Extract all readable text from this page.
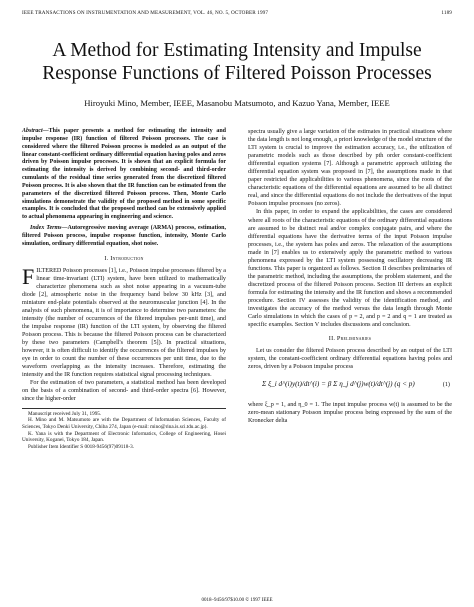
IEEE TRANSACTIONS ON INSTRUMENTATION AND MEASUREMENT, VOL. 46, NO. 5, OCTOBER 1997	1189
A Method for Estimating Intensity and Impulse
Response Functions of Filtered Poisson Processes
Hiroyuki Mino, Member, IEEE, Masanobu Matsumoto, and Kazuo Yana, Member, IEEE

Abstract—This paper presents a method for estimating the intensity and impulse response (IR) function of filtered Poisson processes. The case is considered where the filtered Poisson process is modeled as an output of the linear constant-coefficient ordinary differential equation having poles and zeros driven by Poisson impulse processes. It is shown that an explicit formula for estimating the intensity is derived by combining second- and third-order cumulants of the residual time series generated from the discretized filtered Poisson process. It is also shown that the IR function can be estimated from the parameters of the discretized filtered Poisson process. Then, Monte Carlo simulations demonstrate the validity of the proposed method in some specific examples. It is concluded that the proposed method can be extensively applied to actual phenomena appearing in engineering and science.

Index Terms—Autoregressive moving average (ARMA) process, estimation, filtered Poisson process, impulse response function, intensity, Monte Carlo simulation, ordinary differential equation, shot noise.

I. Introduction

FILTERED Poisson processes [1], i.e., Poisson impulse processes filtered by a linear time-invariant (LTI) system, have been utilized to mathematically characterize phenomena such as shot noise appearing in a vacuum-tube diode [2], atmospheric noise in the frequency band below 30 kHz [3], and miniature end-plate potentials observed at the neuromuscular junction [4]. In the analysis of such phenomena, it is of importance to determine two parameters: the intensity (the number of occurrences of the filtered impulses per-unit time), and the impulse response (IR) function of the LTI system, by observing the filtered Poisson process. This is because the filtered Poisson process can be characterized by these two parameters (Campbell's theorem [5]). In practical situations, however, it is often difficult to identify the occurrences of the filtered impulses by eye in order to count the number of these occurrences per unit time, due to the waveform overlapping as the intensity increases. Therefore, estimating the intensity and the IR function requires statistical signal processing techniques.

For the estimation of two parameters, a statistical method has been developed on the basis of a combination of second- and third-order spectra [6]. However, since the higher-order

Manuscript received July 31, 1995.

H. Mino and M. Matsumoto are with the Department of Information Sciences, Faculty of Sciences, Tokyo Denki University, Chiba 274, Japan (e-mail: mino@rina.is.sci.tdu.ac.jp).

K. Yana is with the Department of Electronic Informatics, College of Engineering, Hosei University, Koganei, Tokyo 184, Japan.

Publisher Item Identifier S 0018-9456(97)09118-3.

spectra usually give a large variation of the estimates in practical situations where the data length is not long enough, a priori knowledge of the model structure of the LTI system is crucial to improve the estimation accuracy, i.e., the utilization of parametric models such as those described by pth order constant-coefficient differential equation systems [7]. Although a parametric approach utilizing the differential equation system was proposed in [7], the assumptions made in that paper restricted the applicabilities to various phenomena, since the roots of the characteristic equations of the differential equations are assumed to be all distinct real, and since the differential equations do not include the derivatives of the input Poisson impulse processes (no zeros).

In this paper, in order to expand the applicabilities, the cases are considered where all roots of the characteristic equations of the ordinary differential equations are assumed to be distinct real and/or complex conjugate pairs, and where the differential equations have the derivative terms of the input Poisson impulse processes, i.e., the system has poles and zeros. The relaxation of the assumptions made in [7] enables us to extensively apply the parametric method to various phenomena expressed by the LTI system possessing oscillatory decreasing IR functions. This paper is organized as follows. Section II describes preliminaries of the parametric method, including the assumptions, the problem statement, and the discretized process of the filtered Poisson process. Section III derives an explicit formula for estimating the intensity and the IR function and shows a recommended procedure. Section IV assesses the validity of the identification method, and investigates the accuracy of the method versus the data length through Monte Carlo simulations in which the cases of p = 2, and p = 2 and q = 1 are treated as specific examples. Section V includes discussions and conclusion.

II. Preliminaries

Let us consider the filtered Poisson process described by an output of the LTI system, the constant-coefficient ordinary differential equations having poles and zeros, driven by a Poisson impulse process

Σ ξ_i d^(i)y(t)/dt^(i) = β Σ η_j d^(j)w(t)/dt^(j) (q < p)	(1)

where ξ_p = 1, and η_0 = 1. The input impulse process w(t) is assumed to be the zero-mean stationary Poisson impulse process being expressed by the sum of the Kronecker delta

0018–9456/97$10.00 © 1997 IEEE
